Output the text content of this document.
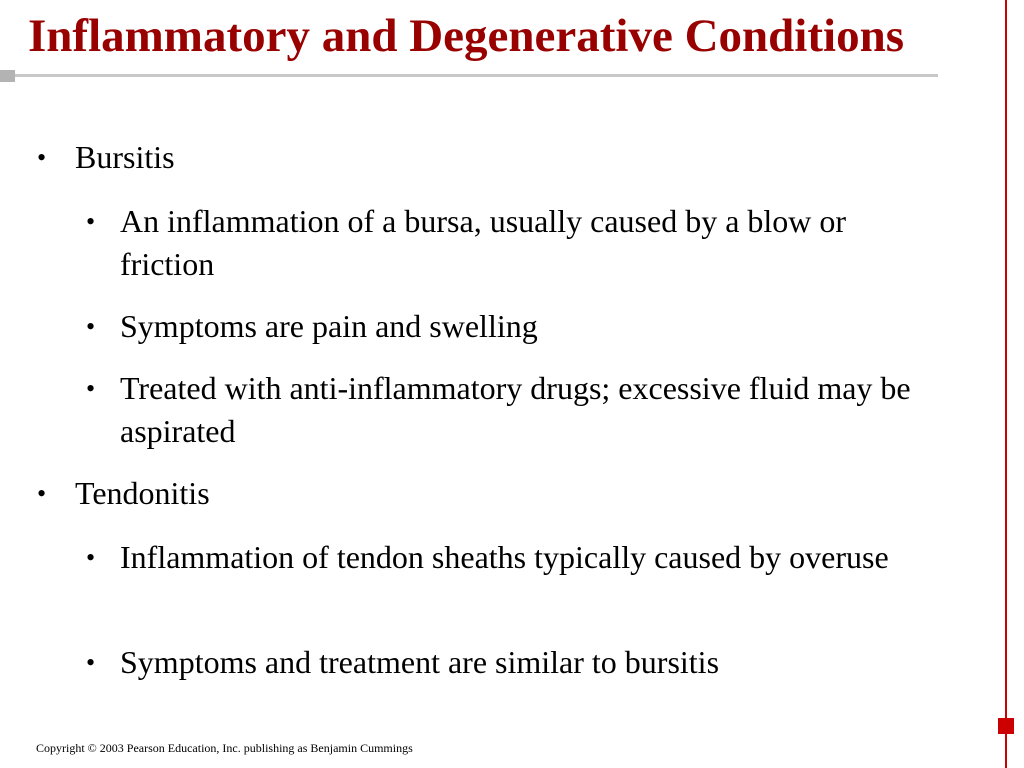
Inflammatory and Degenerative Conditions
• Bursitis
• An inflammation of a bursa, usually caused by a blow or friction
• Symptoms are pain and swelling
• Treated with anti-inflammatory drugs; excessive fluid may be aspirated
• Tendonitis
• Inflammation of tendon sheaths typically caused by overuse
• Symptoms and treatment are similar to bursitis
Copyright © 2003 Pearson Education, Inc. publishing as Benjamin Cummings
